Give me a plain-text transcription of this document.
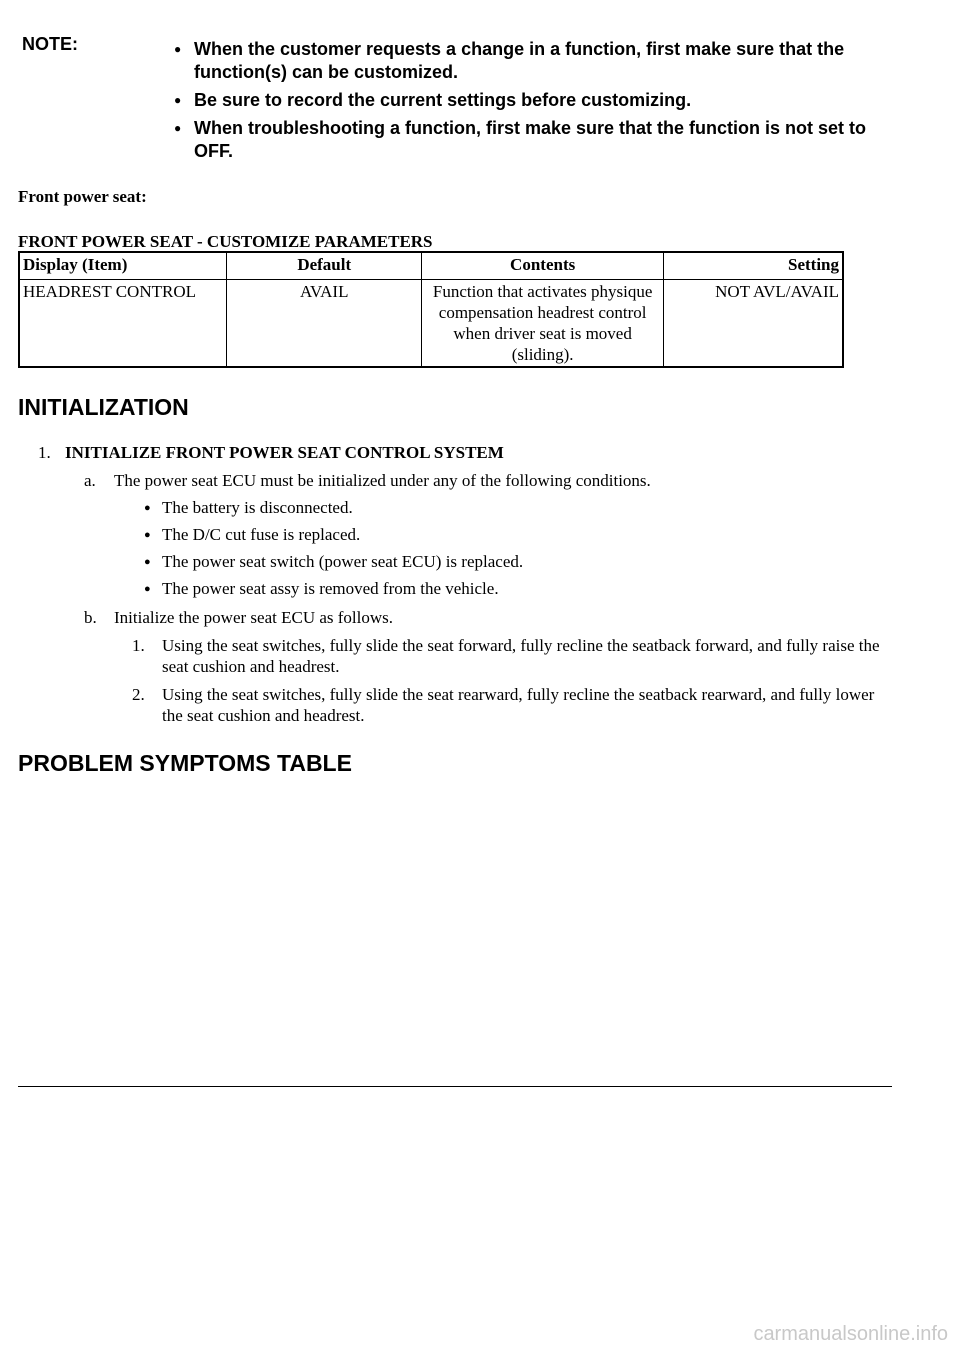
NOTE:	● When the customer requests a change in a function, first make sure that the function(s) can be customized.
● Be sure to record the current settings before customizing.
● When troubleshooting a function, first make sure that the function is not set to OFF.
Front power seat:
FRONT POWER SEAT - CUSTOMIZE PARAMETERS
Display (Item)	Default	Contents	Setting
HEADREST CONTROL	AVAIL	Function that activates physique compensation headrest control when driver seat is moved (sliding).	NOT AVL/AVAIL
INITIALIZATION
1. INITIALIZE FRONT POWER SEAT CONTROL SYSTEM
a. The power seat ECU must be initialized under any of the following conditions.
● The battery is disconnected.
● The D/C cut fuse is replaced.
● The power seat switch (power seat ECU) is replaced.
● The power seat assy is removed from the vehicle.
b. Initialize the power seat ECU as follows.
1. Using the seat switches, fully slide the seat forward, fully recline the seatback forward, and fully raise the seat cushion and headrest.
2. Using the seat switches, fully slide the seat rearward, fully recline the seatback rearward, and fully lower the seat cushion and headrest.
PROBLEM SYMPTOMS TABLE
carmanualsonline.info
